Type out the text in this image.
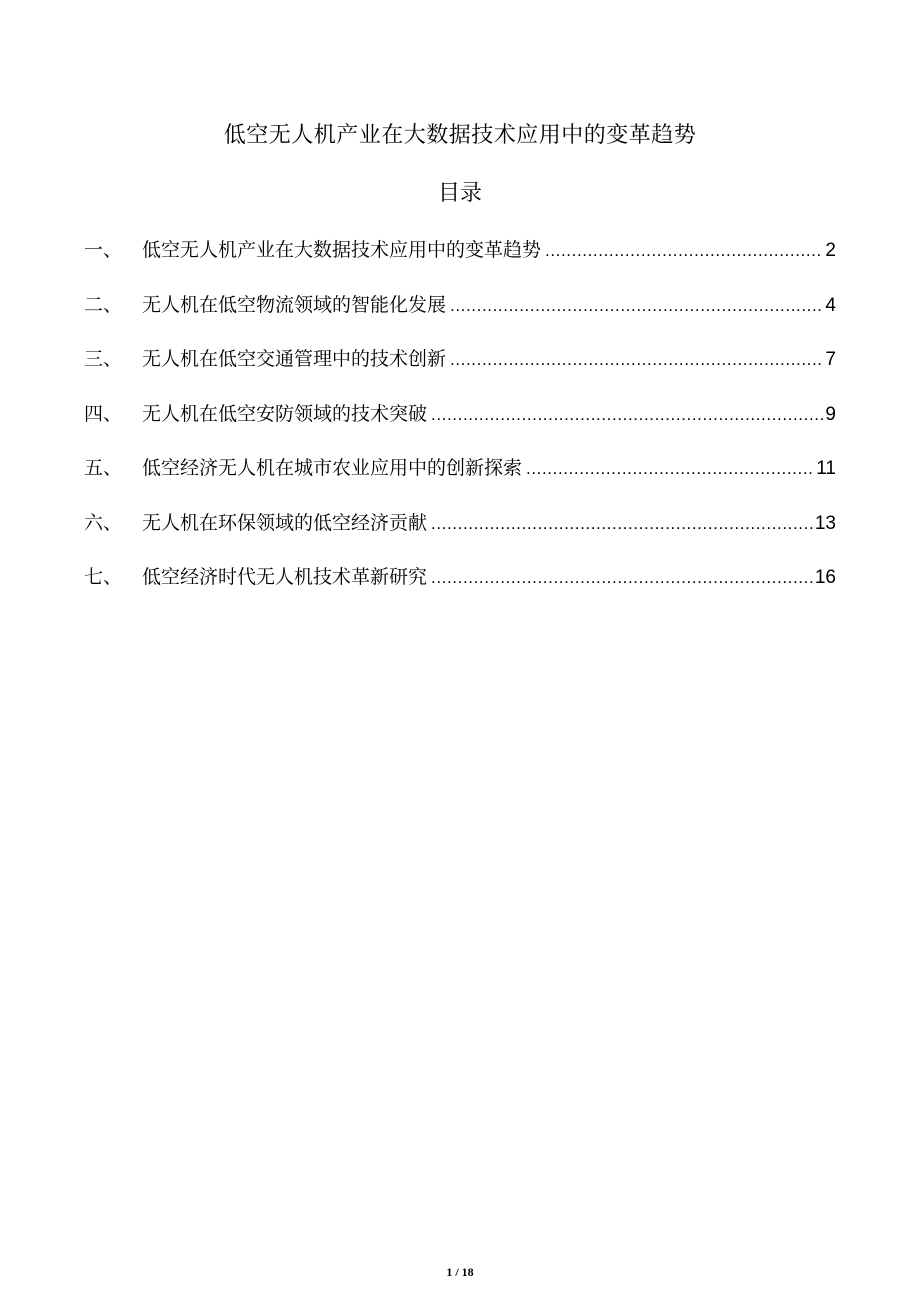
低空无人机产业在大数据技术应用中的变革趋势
目录
一、	低空无人机产业在大数据技术应用中的变革趋势 .....	2
二、	无人机在低空物流领域的智能化发展 .....	4
三、	无人机在低空交通管理中的技术创新 .....	7
四、	无人机在低空安防领域的技术突破 .....	9
五、	低空经济无人机在城市农业应用中的创新探索 .....	11
六、	无人机在环保领域的低空经济贡献 .....	13
七、	低空经济时代无人机技术革新研究 .....	16
1 / 18
